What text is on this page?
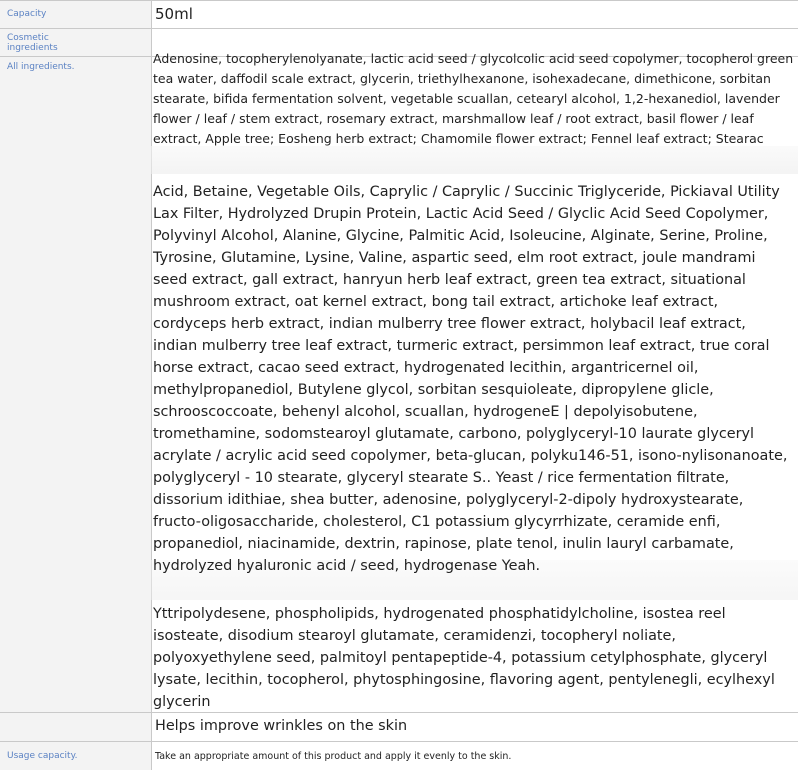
Capacity	50ml
Cosmetic ingredients
All ingredients.

Adenosine, tocopherylenolyanate, lactic acid seed / glycolcolic acid seed copolymer, tocopherol green tea water, daffodil scale extract, glycerin, triethylhexanone, isohexadecane, dimethicone, sorbitan stearate, bifida fermentation solvent, vegetable scuallan, cetearyl alcohol, 1,2-hexanediol, lavender flower / leaf / stem extract, rosemary extract, marshmallow leaf / root extract, basil flower / leaf extract, Apple tree; Eosheng herb extract; Chamomile flower extract; Fennel leaf extract; Stearac

Acid, Betaine, Vegetable Oils, Caprylic / Caprylic / Succinic Triglyceride, Pickiaval Utility Lax Filter, Hydrolyzed Drupin Protein, Lactic Acid Seed / Glyclic Acid Seed Copolymer, Polyvinyl Alcohol, Alanine, Glycine, Palmitic Acid, Isoleucine, Alginate, Serine, Proline, Tyrosine, Glutamine, Lysine, Valine, aspartic seed, elm root extract, joule mandrami seed extract, gall extract, hanryun herb leaf extract, green tea extract, situational mushroom extract, oat kernel extract, bong tail extract, artichoke leaf extract, cordyceps herb extract, indian mulberry tree flower extract, holybacil leaf extract, indian mulberry tree leaf extract, turmeric extract, persimmon leaf extract, true coral horse extract, cacao seed extract, hydrogenated lecithin, argantricernel oil, methylpropanediol, Butylene glycol, sorbitan sesquioleate, dipropylene glicle, schrooscoccoate, behenyl alcohol, scuallan, hydrogeneE | depolyisobutene, tromethamine, sodomstearoyl glutamate, carbono, polyglyceryl-10 laurate glyceryl acrylate / acrylic acid seed copolymer, beta-glucan, polyku146-51, isono-nylisonanoate, polyglyceryl - 10 stearate, glyceryl stearate S.. Yeast / rice fermentation filtrate, dissorium idithiae, shea butter, adenosine, polyglyceryl-2-dipoly hydroxystearate, fructo-oligosaccharide, cholesterol, C1 potassium glycyrrhizate, ceramide enfi, propanediol, niacinamide, dextrin, rapinose, plate tenol, inulin lauryl carbamate, hydrolyzed hyaluronic acid / seed, hydrogenase Yeah.

Yttripolydesene, phospholipids, hydrogenated phosphatidylcholine, isostea reel isosteate, disodium stearoyl glutamate, ceramidenzi, tocopheryl noliate, polyoxyethylene seed, palmitoyl pentapeptide-4, potassium cetylphosphate, glyceryl lysate, lecithin, tocopherol, phytosphingosine, flavoring agent, pentylenegli, ecylhexyl glycerin

Helps improve wrinkles on the skin
Usage capacity.	Take an appropriate amount of this product and apply it evenly to the skin.
